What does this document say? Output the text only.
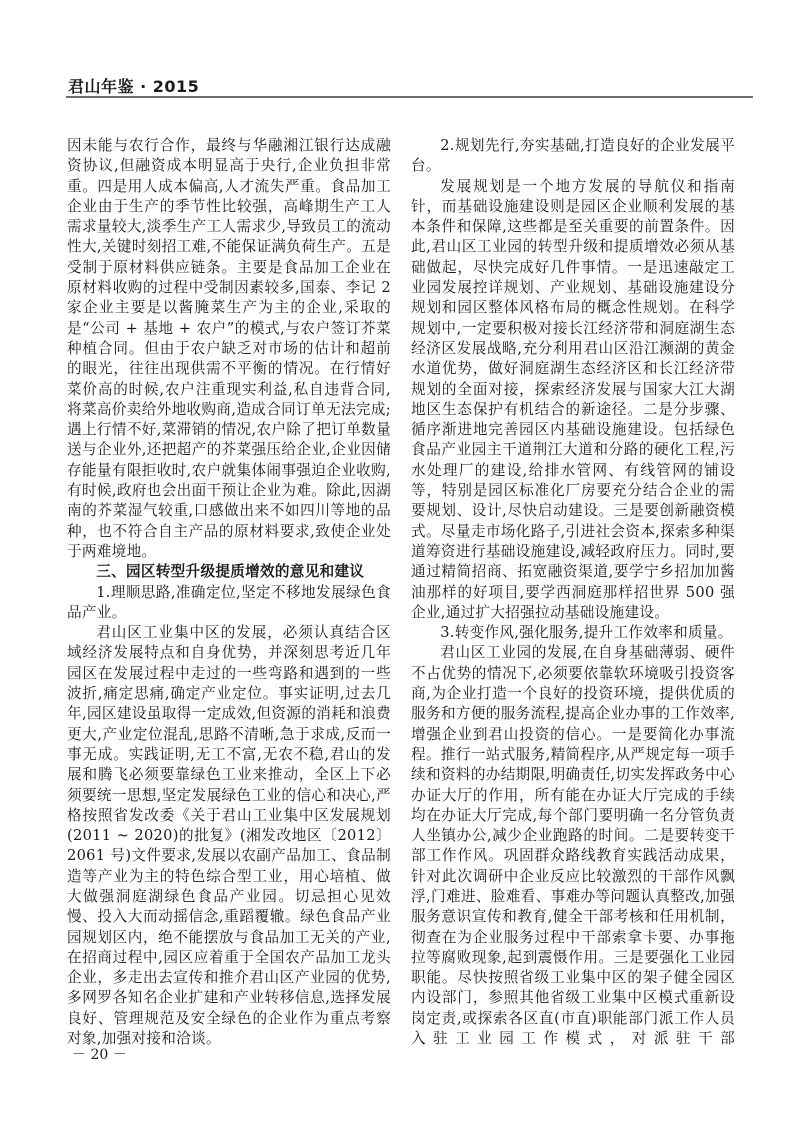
君山年鉴 · 2015

因未能与农行合作，最终与华融湘江银行达成融资协议,但融资成本明显高于央行,企业负担非常重。四是用人成本偏高,人才流失严重。食品加工企业由于生产的季节性比较强，高峰期生产工人需求量较大,淡季生产工人需求少,导致员工的流动性大,关键时刻招工难,不能保证满负荷生产。五是受制于原材料供应链条。主要是食品加工企业在原材料收购的过程中受制因素较多,国泰、李记 2 家企业主要是以酱腌菜生产为主的企业,采取的是“公司 + 基地 + 农户”的模式,与农户签订芥菜种植合同。但由于农户缺乏对市场的估计和超前的眼光，往往出现供需不平衡的情况。在行情好菜价高的时候,农户注重现实利益,私自违背合同,将菜高价卖给外地收购商,造成合同订单无法完成;遇上行情不好,菜滞销的情况,农户除了把订单数量送与企业外,还把超产的芥菜强压给企业,企业因储存能量有限拒收时,农户就集体闹事强迫企业收购,有时候,政府也会出面干预让企业为难。除此,因湖南的芥菜湿气较重,口感做出来不如四川等地的品种，也不符合自主产品的原材料要求,致使企业处于两难境地。

三、园区转型升级提质增效的意见和建议

1.理顺思路,准确定位,坚定不移地发展绿色食品产业。

君山区工业集中区的发展，必须认真结合区域经济发展特点和自身优势，并深刻思考近几年园区在发展过程中走过的一些弯路和遇到的一些波折,痛定思痛,确定产业定位。事实证明,过去几年,园区建设虽取得一定成效,但资源的消耗和浪费更大,产业定位混乱,思路不清晰,急于求成,反而一事无成。实践证明,无工不富,无农不稳,君山的发展和腾飞必须要靠绿色工业来推动，全区上下必须要统一思想,坚定发展绿色工业的信心和决心,严格按照省发改委《关于君山工业集中区发展规划(2011 ~ 2020)的批复》(湘发改地区〔2012〕2061 号)文件要求,发展以农副产品加工、食品制造等产业为主的特色综合型工业，用心培植、做大做强洞庭湖绿色食品产业园。切忌担心见效慢、投入大而动摇信念,重蹈覆辙。绿色食品产业园规划区内，绝不能摆放与食品加工无关的产业,在招商过程中,园区应着重于全国农产品加工龙头企业，多走出去宣传和推介君山区产业园的优势,多网罗各知名企业扩建和产业转移信息,选择发展良好、管理规范及安全绿色的企业作为重点考察对象,加强对接和洽谈。

2.规划先行,夯实基础,打造良好的企业发展平台。

发展规划是一个地方发展的导航仪和指南针，而基础设施建设则是园区企业顺利发展的基本条件和保障,这些都是至关重要的前置条件。因此,君山区工业园的转型升级和提质增效必须从基础做起，尽快完成好几件事情。一是迅速敲定工业园发展控详规划、产业规划、基础设施建设分规划和园区整体风格布局的概念性规划。在科学规划中,一定要积极对接长江经济带和洞庭湖生态经济区发展战略,充分利用君山区沿江濒湖的黄金水道优势，做好洞庭湖生态经济区和长江经济带规划的全面对接，探索经济发展与国家大江大湖地区生态保护有机结合的新途径。二是分步骤、循序渐进地完善园区内基础设施建设。包括绿色食品产业园主干道荆江大道和分路的硬化工程,污水处理厂的建设,给排水管网、有线管网的铺设等，特别是园区标准化厂房要充分结合企业的需要规划、设计,尽快启动建设。三是要创新融资模式。尽量走市场化路子,引进社会资本,探索多种渠道筹资进行基础设施建设,减轻政府压力。同时,要通过精简招商、拓宽融资渠道,要学宁乡招加加酱油那样的好项目,要学西洞庭那样招世界 500 强企业,通过扩大招强拉动基础设施建设。

3.转变作风,强化服务,提升工作效率和质量。

君山区工业园的发展,在自身基础薄弱、硬件不占优势的情况下,必须要依靠软环境吸引投资客商,为企业打造一个良好的投资环境，提供优质的服务和方便的服务流程,提高企业办事的工作效率,增强企业到君山投资的信心。一是要简化办事流程。推行一站式服务,精简程序,从严规定每一项手续和资料的办结期限,明确责任,切实发挥政务中心办证大厅的作用，所有能在办证大厅完成的手续均在办证大厅完成,每个部门要明确一名分管负责人坐镇办公,减少企业跑路的时间。二是要转变干部工作作风。巩固群众路线教育实践活动成果，针对此次调研中企业反应比较激烈的干部作风飘浮,门难进、脸难看、事难办等问题认真整改,加强服务意识宣传和教育,健全干部考核和任用机制，彻查在为企业服务过程中干部索拿卡要、办事拖拉等腐败现象,起到震慑作用。三是要强化工业园职能。尽快按照省级工业集中区的架子健全园区内设部门，参照其他省级工业集中区模式重新设岗定责,或探索各区直(市直)职能部门派工作人员入驻工业园工作模式，对派驻干部

－ 20 －
